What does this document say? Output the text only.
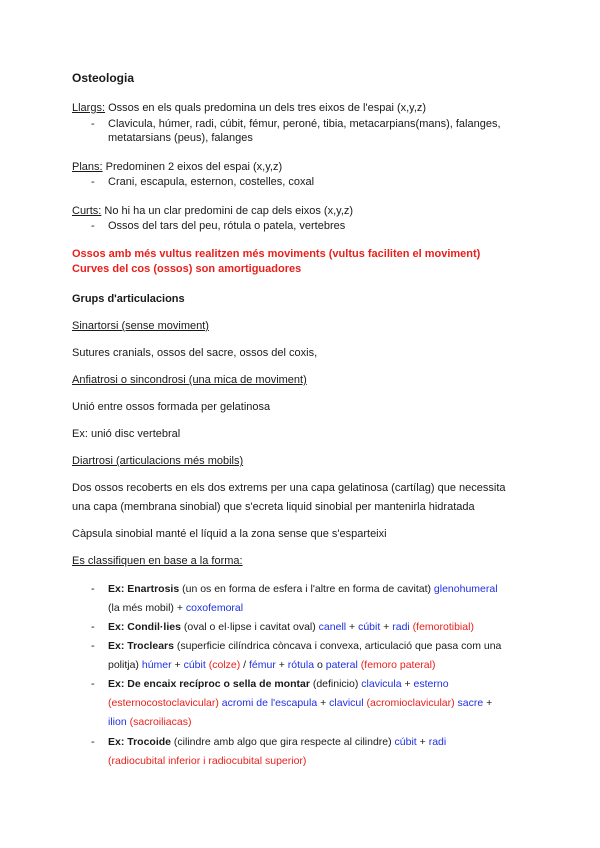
Osteologia
Llargs: Ossos en els quals predomina un dels tres eixos de l'espai (x,y,z)
- Clavicula, húmer, radi, cúbit, fémur, peroné, tibia, metacarpians(mans), falanges,
metatarsians (peus), falanges
Plans: Predominen 2 eixos del espai (x,y,z)
- Crani, escapula, esternon, costelles, coxal
Curts: No hi ha un clar predomini de cap dels eixos (x,y,z)
- Ossos del tars del peu, rótula o patela, vertebres
Ossos amb més vultus realitzen més moviments (vultus faciliten el moviment)
Curves del cos (ossos) son amortiguadores
Grups d'articulacions
Sinartorsi (sense moviment)
Sutures cranials, ossos del sacre, ossos del coxis,
Anfiatrosi o sincondrosi (una mica de moviment)
Unió entre ossos formada per gelatinosa
Ex: unió disc vertebral
Diartrosi (articulacions més mobils)
Dos ossos recoberts en els dos extrems per una capa gelatinosa (cartílag) que necessita
una capa (membrana sinobial) que s'ecreta liquid sinobial per mantenirla hidratada
Càpsula sinobial manté el líquid a la zona sense que s'esparteixi
Es classifiquen en base a la forma:
- Ex: Enartrosis (un os en forma de esfera i l'altre en forma de cavitat) glenohumeral
(la més mobil) + coxofemoral
- Ex: Condil·lies (oval o el·lipse i cavitat oval) canell + cúbit + radi (femorotibial)
- Ex: Troclears (superficie cilíndrica còncava i convexa, articulació que pasa com una
politja) húmer + cúbit (colze) / fémur + rótula o pateral (femoro pateral)
- Ex: De encaix recíproc o sella de montar (definicio) clavicula + esterno
(esternocostoclavicular) acromi de l'escapula + clavicul (acromioclavicular) sacre +
ilion (sacroiliacas)
- Ex: Trocoide (cilindre amb algo que gira respecte al cilindre) cúbit + radi
(radiocubital inferior i radiocubital superior)
